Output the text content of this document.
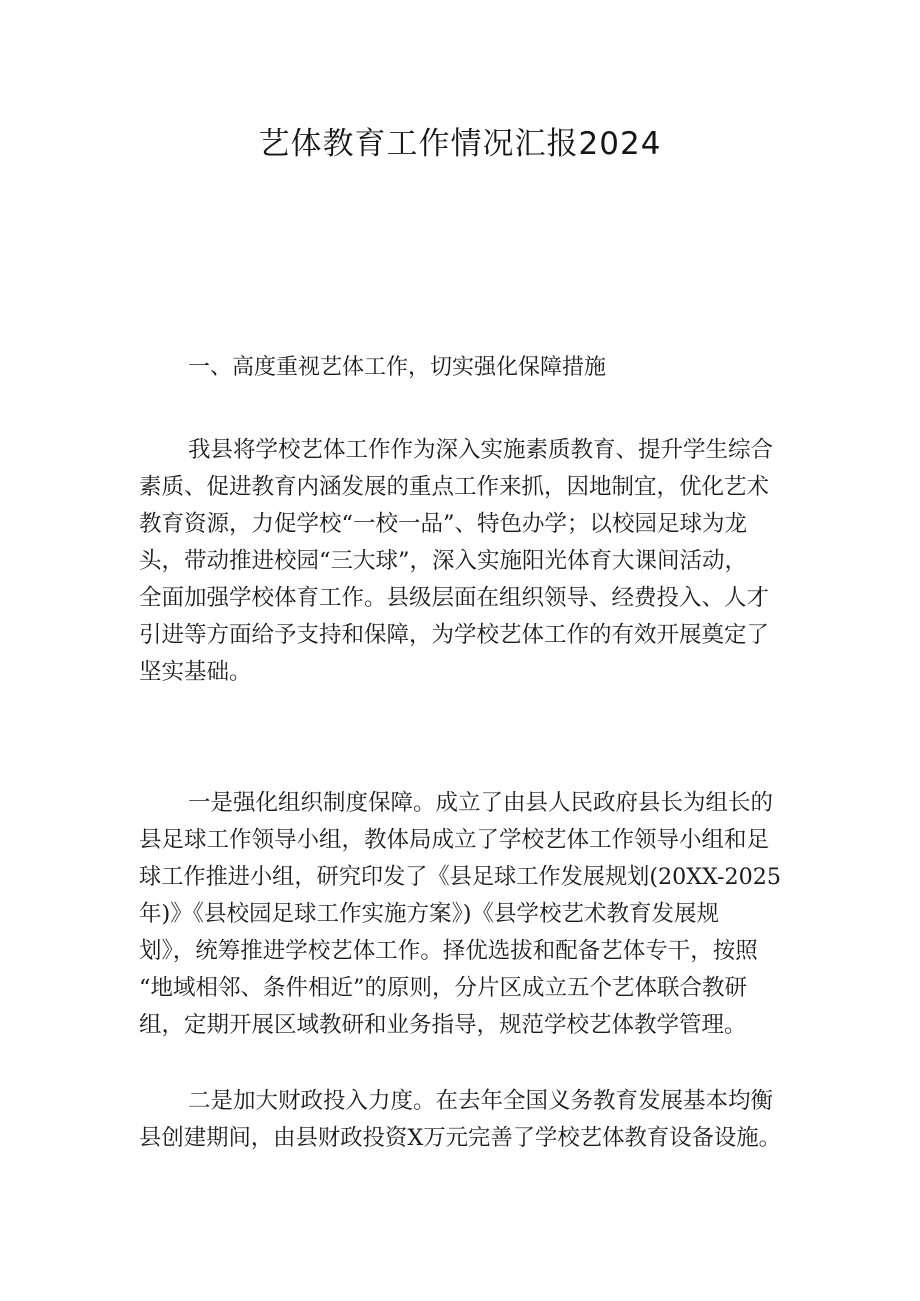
艺体教育工作情况汇报2024

一、高度重视艺体工作，切实强化保障措施

我县将学校艺体工作作为深入实施素质教育、提升学生综合

素质、促进教育内涵发展的重点工作来抓，因地制宜，优化艺术

教育资源，力促学校“一校一品”、特色办学；以校园足球为龙

头，带动推进校园“三大球”，深入实施阳光体育大课间活动，

全面加强学校体育工作。县级层面在组织领导、经费投入、人才

引进等方面给予支持和保障，为学校艺体工作的有效开展奠定了

坚实基础。

一是强化组织制度保障。成立了由县人民政府县长为组长的

县足球工作领导小组，教体局成立了学校艺体工作领导小组和足

球工作推进小组，研究印发了《县足球工作发展规划(20XX-2025

年)》《县校园足球工作实施方案》)《县学校艺术教育发展规

划》，统筹推进学校艺体工作。择优选拔和配备艺体专干，按照

“地域相邻、条件相近”的原则，分片区成立五个艺体联合教研

组，定期开展区域教研和业务指导，规范学校艺体教学管理。

二是加大财政投入力度。在去年全国义务教育发展基本均衡

县创建期间，由县财政投资X万元完善了学校艺体教育设备设施。
